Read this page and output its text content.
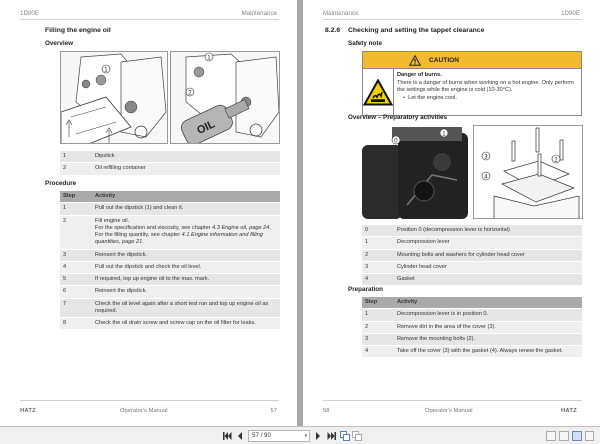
1D90E	Maintenance
Filling the engine oil
Overview
1
OIL
1
2
1	Dipstick
2	Oil refilling container
Procedure
Step	Activity
1	Pull out the dipstick (1) and clean it.
2	Fill engine oil.
For the specification and viscosity, see chapter 4.3 Engine oil, page 24.
For the filling quantity, see chapter 4.1 Engine information and filling quantities, page 21.

3	Reinsert the dipstick.
4	Pull out the dipstick and check the oil level.
5	If required, top up engine oil to the max. mark.
6	Reinsert the dipstick.
7	Check the oil level again after a short test run and top up engine oil as required.
8	Check the oil drain screw and screw cap on the oil filter for leaks.
HATZ	Operator's Manual	57
Maintenance	1D90E
8.2.6 Checking and setting the tappet clearance
Safety note
CAUTION
Danger of burns.
There is a danger of burns when working on a hot engine. Only perform the settings while the engine is cold (10-30°C).
•  Let the engine cool.
Overview – Preparatory activities
0
1
3
4
2
0	Position 0 (decompression lever is horizontal)
1	Decompression lever
2	Mounting bolts and washers for cylinder head cover
3	Cylinder head cover
4	Gasket
Preparation
Step	Activity
1	Decompression lever is in position 0.
2	Remove dirt in the area of the cover (3).
3	Remove the mounting bolts (2).
4	Take off the cover (3) with the gasket (4). Always renew the gasket.
58	Operator's Manual	HATZ
57 / 90	▾
